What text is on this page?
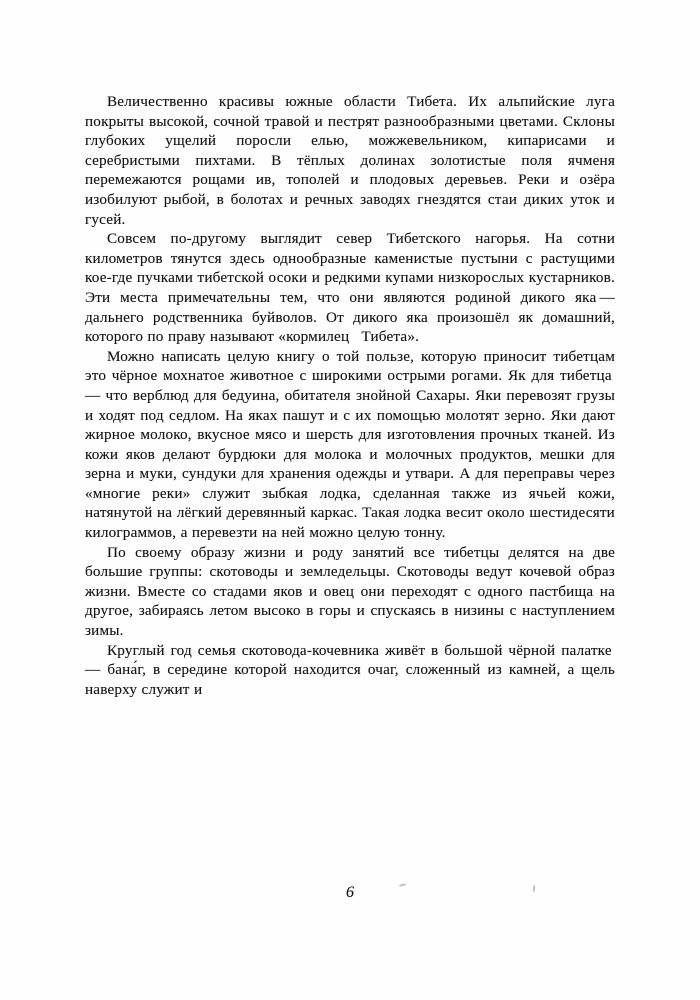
Величественно красивы южные области Тибета. Их альпийские луга покрыты высокой, сочной травой и пестрят разнообразными цветами. Склоны глубоких ущелий поросли елью, можжевельником, кипарисами и серебристыми пихтами. В тёплых долинах золотистые поля ячменя перемежаются рощами ив, тополей и плодовых деревьев. Реки и озёра изобилуют рыбой, в болотах и речных заводях гнездятся стаи диких уток и гусей.

Совсем по-другому выглядит север Тибетского нагорья. На сотни километров тянутся здесь однообразные каменистые пустыни с растущими кое-где пучками тибетской осоки и редкими купами низкорослых кустарников. Эти места примечательны тем, что они являются родиной дикого яка — дальнего родственника буйволов. От дикого яка произошёл як домашний, которого по праву называют «кормилец  Тибета».

Можно написать целую книгу о той пользе, которую приносит тибетцам это чёрное мохнатое животное с широкими острыми рогами. Як для тибетца — что верблюд для бедуина, обитателя знойной Сахары. Яки перевозят грузы и ходят под седлом. На яках пашут и с их помощью молотят зерно. Яки дают жирное молоко, вкусное мясо и шерсть для изготовления прочных тканей. Из кожи яков делают бурдюки для молока и молочных продуктов, мешки для зерна и муки, сундуки для хранения одежды и утвари. А для переправы через «многие реки» служит зыбкая лодка, сделанная также из ячьей кожи, натянутой на лёгкий деревянный каркас. Такая лодка весит около шестидесяти килограммов, а перевезти на ней можно целую тонну.

По своему образу жизни и роду занятий все тибетцы делятся на две большие группы: скотоводы и земледельцы. Скотоводы ведут кочевой образ жизни. Вместе со стадами яков и овец они переходят с одного пастбища на другое, забираясь летом высоко в горы и спускаясь в низины с наступлением зимы.

Круглый год семья скотовода-кочевника живёт в большой чёрной палатке — бана́г, в середине которой находится очаг, сложенный из камней, а щель наверху служит и

6
